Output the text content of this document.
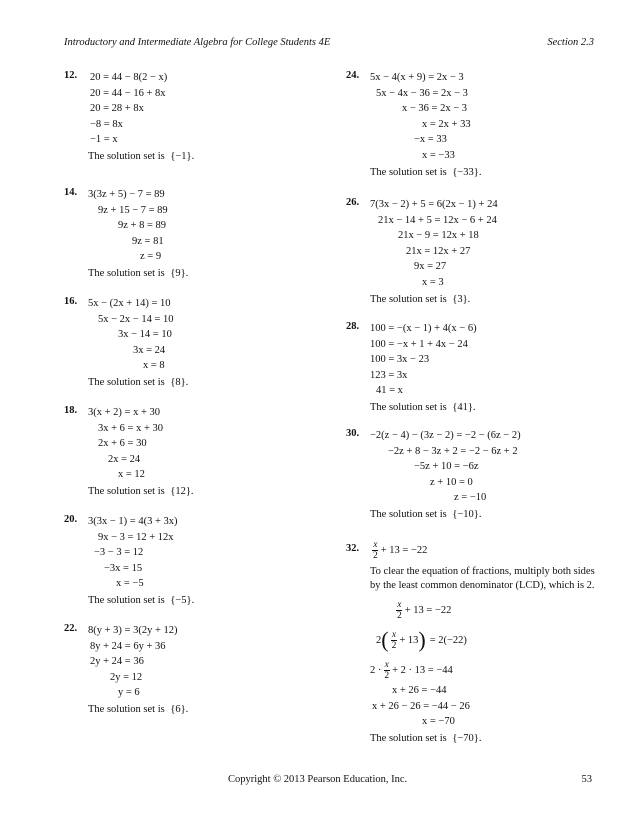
Introductory and Intermediate Algebra for College Students 4E	Section 2.3
12. 20 = 44 − 8(2 − x)
20 = 44 − 16 + 8x
20 = 28 + 8x
−8 = 8x
−1 = x
The solution set is {−1}.
14. 3(3z + 5) − 7 = 89
9z + 15 − 7 = 89
9z + 8 = 89
9z = 81
z = 9
The solution set is {9}.
16. 5x − (2x + 14) = 10
5x − 2x − 14 = 10
3x − 14 = 10
3x = 24
x = 8
The solution set is {8}.
18. 3(x + 2) = x + 30
3x + 6 = x + 30
2x + 6 = 30
2x = 24
x = 12
The solution set is {12}.
20. 3(3x − 1) = 4(3 + 3x)
9x − 3 = 12 + 12x
−3 − 3 = 12
−3x = 15
x = −5
The solution set is {−5}.
22. 8(y + 3) = 3(2y + 12)
8y + 24 = 6y + 36
2y + 24 = 36
2y = 12
y = 6
The solution set is {6}.
24. 5x − 4(x + 9) = 2x − 3
5x − 4x − 36 = 2x − 3
x − 36 = 2x − 3
x = 2x + 33
−x = 33
x = −33
The solution set is {−33}.
26. 7(3x − 2) + 5 = 6(2x − 1) + 24
21x − 14 + 5 = 12x − 6 + 24
21x − 9 = 12x + 18
21x = 12x + 27
9x = 27
x = 3
The solution set is {3}.
28. 100 = −(x − 1) + 4(x − 6)
100 = −x + 1 + 4x − 24
100 = 3x − 23
123 = 3x
41 = x
The solution set is {41}.
30. −2(z − 4) − (3z − 2) = −2 − (6z − 2)
−2z + 8 − 3z + 2 = −2 − 6z + 2
−5z + 10 = −6z
z + 10 = 0
z = −10
The solution set is {−10}.
32. $\frac{x}{2} + 13 = -22$
To clear the equation of fractions, multiply both sides by the least common denominator (LCD), which is 2.
$\frac{x}{2} + 13 = -22$
2 ( $\frac{x}{2} + 13$ ) = 2(−22)
$2 \cdot \frac{x}{2} + 2 \cdot 13 = -44$
x + 26 = −44
x + 26 − 26 = −44 − 26
x = −70
The solution set is {−70}.
Copyright © 2013 Pearson Education, Inc.	53
